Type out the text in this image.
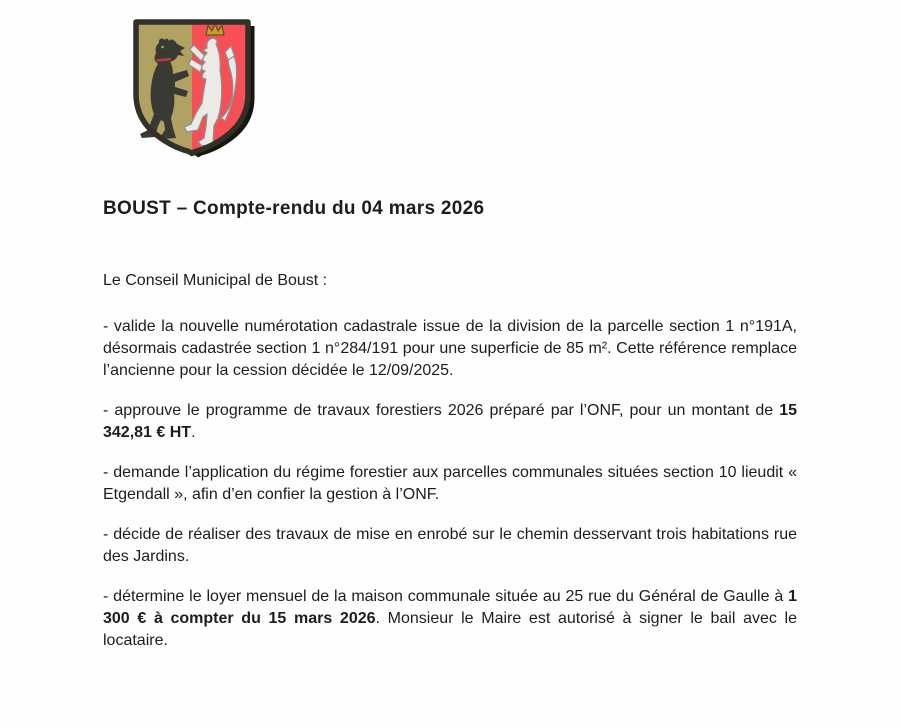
BOUST – Compte-rendu du 04 mars 2026

Le Conseil Municipal de Boust :

- valide la nouvelle numérotation cadastrale issue de la division de la parcelle section 1 n°191A, désormais cadastrée section 1 n°284/191 pour une superficie de 85 m². Cette référence remplace l’ancienne pour la cession décidée le 12/09/2025.

- approuve le programme de travaux forestiers 2026 préparé par l’ONF, pour un montant de 15 342,81 € HT.

- demande l’application du régime forestier aux parcelles communales situées section 10 lieudit « Etgendall », afin d’en confier la gestion à l’ONF.

- décide de réaliser des travaux de mise en enrobé sur le chemin desservant trois habitations rue des Jardins.

- détermine le loyer mensuel de la maison communale située au 25 rue du Général de Gaulle à 1 300 € à compter du 15 mars 2026. Monsieur le Maire est autorisé à signer le bail avec le locataire.
